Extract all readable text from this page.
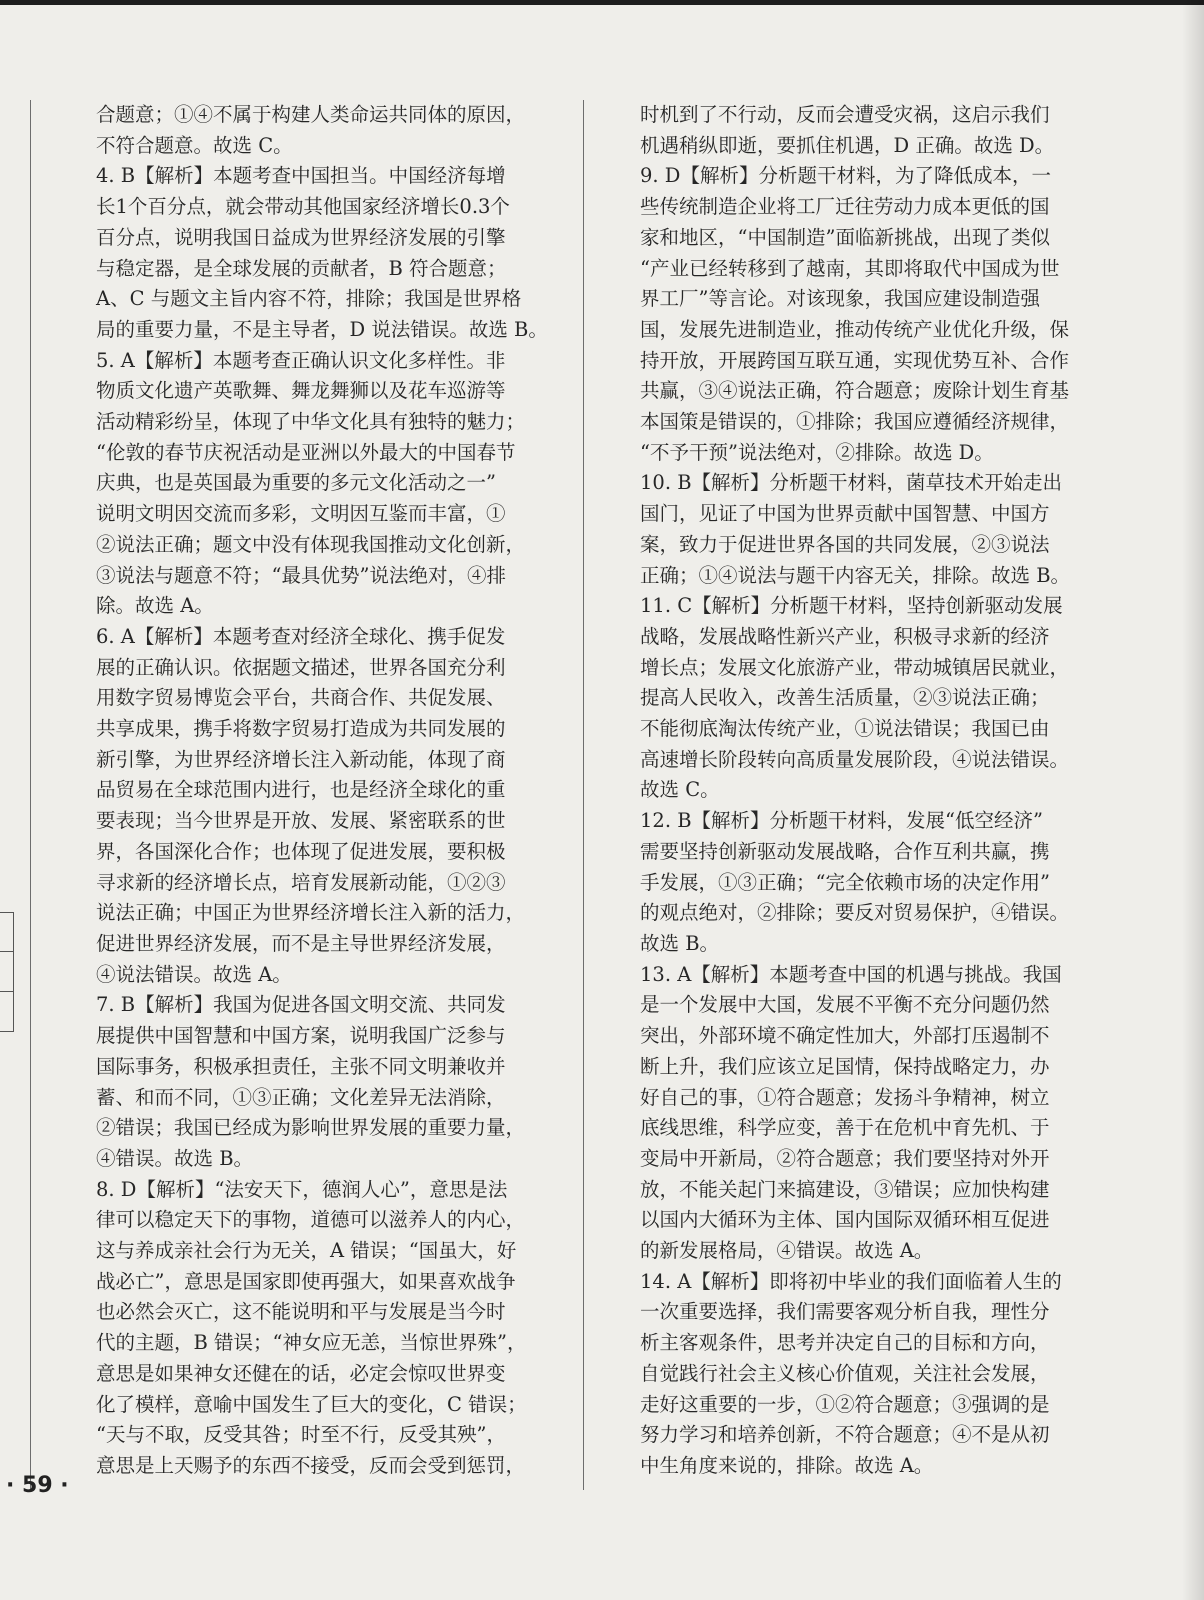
合题意；①④不属于构建人类命运共同体的原因，

不符合题意。故选 C。

4. B【解析】本题考查中国担当。中国经济每增

长1个百分点，就会带动其他国家经济增长0.3个

百分点，说明我国日益成为世界经济发展的引擎

与稳定器，是全球发展的贡献者，B 符合题意；

A、C 与题文主旨内容不符，排除；我国是世界格

局的重要力量，不是主导者，D 说法错误。故选 B。

5. A【解析】本题考查正确认识文化多样性。非

物质文化遗产英歌舞、舞龙舞狮以及花车巡游等

活动精彩纷呈，体现了中华文化具有独特的魅力；

“伦敦的春节庆祝活动是亚洲以外最大的中国春节

庆典，也是英国最为重要的多元文化活动之一”

说明文明因交流而多彩，文明因互鉴而丰富，①

②说法正确；题文中没有体现我国推动文化创新，

③说法与题意不符；“最具优势”说法绝对，④排

除。故选 A。

6. A【解析】本题考查对经济全球化、携手促发

展的正确认识。依据题文描述，世界各国充分利

用数字贸易博览会平台，共商合作、共促发展、

共享成果，携手将数字贸易打造成为共同发展的

新引擎，为世界经济增长注入新动能，体现了商

品贸易在全球范围内进行，也是经济全球化的重

要表现；当今世界是开放、发展、紧密联系的世

界，各国深化合作；也体现了促进发展，要积极

寻求新的经济增长点，培育发展新动能，①②③

说法正确；中国正为世界经济增长注入新的活力，

促进世界经济发展，而不是主导世界经济发展，

④说法错误。故选 A。

7. B【解析】我国为促进各国文明交流、共同发

展提供中国智慧和中国方案，说明我国广泛参与

国际事务，积极承担责任，主张不同文明兼收并

蓄、和而不同，①③正确；文化差异无法消除，

②错误；我国已经成为影响世界发展的重要力量，

④错误。故选 B。

8. D【解析】“法安天下，德润人心”，意思是法

律可以稳定天下的事物，道德可以滋养人的内心，

这与养成亲社会行为无关，A 错误；“国虽大，好

战必亡”，意思是国家即使再强大，如果喜欢战争

也必然会灭亡，这不能说明和平与发展是当今时

代的主题，B 错误；“神女应无恙，当惊世界殊”，

意思是如果神女还健在的话，必定会惊叹世界变

化了模样，意喻中国发生了巨大的变化，C 错误；

“天与不取，反受其咎；时至不行，反受其殃”，

意思是上天赐予的东西不接受，反而会受到惩罚，

时机到了不行动，反而会遭受灾祸，这启示我们

机遇稍纵即逝，要抓住机遇，D 正确。故选 D。

9. D【解析】分析题干材料，为了降低成本，一

些传统制造企业将工厂迁往劳动力成本更低的国

家和地区，“中国制造”面临新挑战，出现了类似

“产业已经转移到了越南，其即将取代中国成为世

界工厂”等言论。对该现象，我国应建设制造强

国，发展先进制造业，推动传统产业优化升级，保

持开放，开展跨国互联互通，实现优势互补、合作

共赢，③④说法正确，符合题意；废除计划生育基

本国策是错误的，①排除；我国应遵循经济规律，

“不予干预”说法绝对，②排除。故选 D。

10. B【解析】分析题干材料，菌草技术开始走出

国门，见证了中国为世界贡献中国智慧、中国方

案，致力于促进世界各国的共同发展，②③说法

正确；①④说法与题干内容无关，排除。故选 B。

11. C【解析】分析题干材料，坚持创新驱动发展

战略，发展战略性新兴产业，积极寻求新的经济

增长点；发展文化旅游产业，带动城镇居民就业，

提高人民收入，改善生活质量，②③说法正确；

不能彻底淘汰传统产业，①说法错误；我国已由

高速增长阶段转向高质量发展阶段，④说法错误。

故选 C。

12. B【解析】分析题干材料，发展“低空经济”

需要坚持创新驱动发展战略，合作互利共赢，携

手发展，①③正确；“完全依赖市场的决定作用”

的观点绝对，②排除；要反对贸易保护，④错误。

故选 B。

13. A【解析】本题考查中国的机遇与挑战。我国

是一个发展中大国，发展不平衡不充分问题仍然

突出，外部环境不确定性加大，外部打压遏制不

断上升，我们应该立足国情，保持战略定力，办

好自己的事，①符合题意；发扬斗争精神，树立

底线思维，科学应变，善于在危机中育先机、于

变局中开新局，②符合题意；我们要坚持对外开

放，不能关起门来搞建设，③错误；应加快构建

以国内大循环为主体、国内国际双循环相互促进

的新发展格局，④错误。故选 A。

14. A【解析】即将初中毕业的我们面临着人生的

一次重要选择，我们需要客观分析自我，理性分

析主客观条件，思考并决定自己的目标和方向，

自觉践行社会主义核心价值观，关注社会发展，

走好这重要的一步，①②符合题意；③强调的是

努力学习和培养创新，不符合题意；④不是从初

中生角度来说的，排除。故选 A。

· 59 ·
